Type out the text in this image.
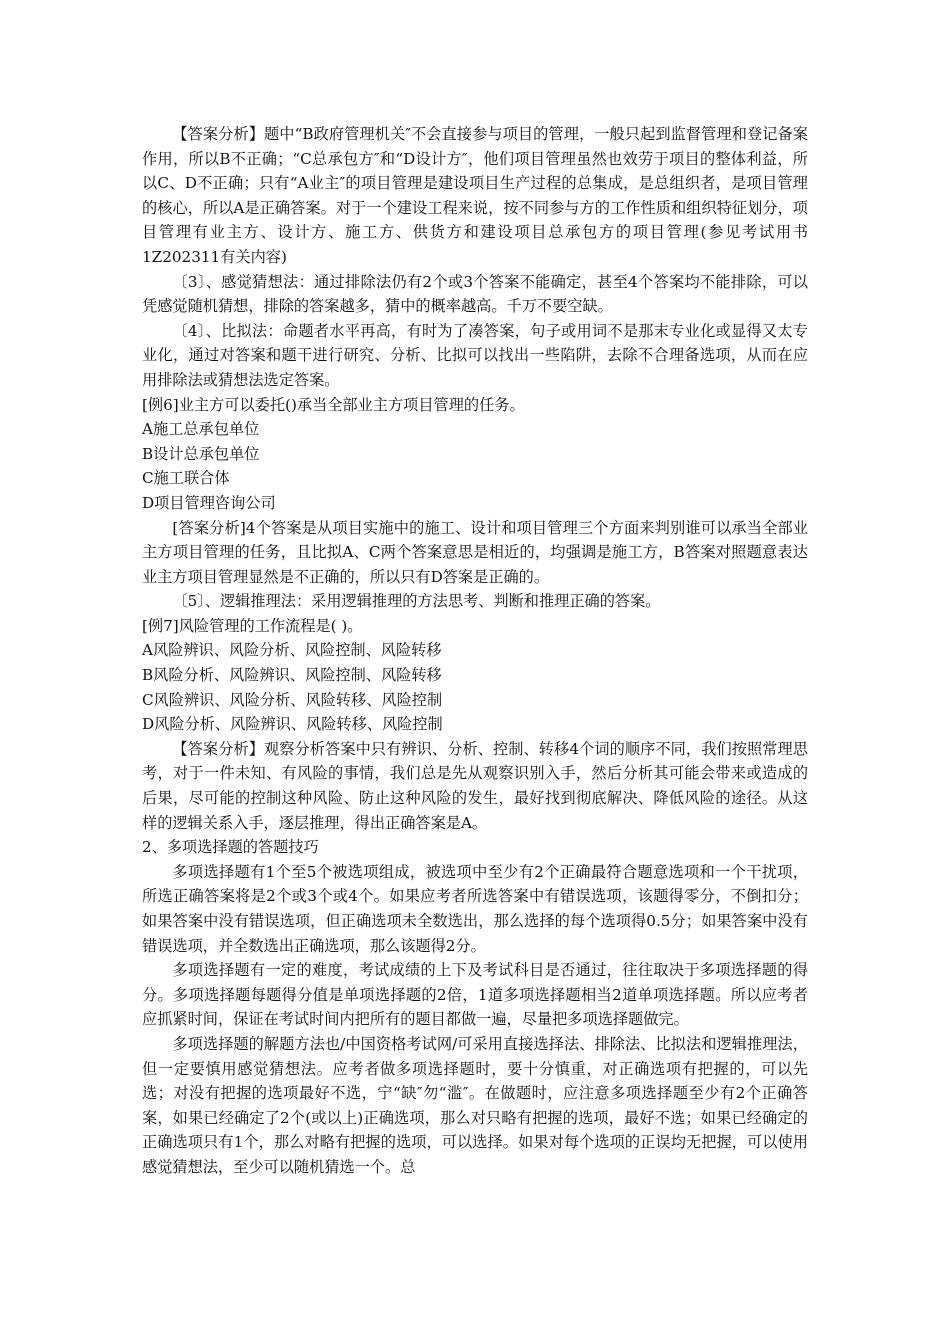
【答案分析】题中“B政府管理机关″不会直接参与项目的管理，一般只起到监督管理和登记备案作用，所以B不正确；“C总承包方″和“D设计方″，他们项目管理虽然也效劳于项目的整体利益，所以C、D不正确；只有“A业主″的项目管理是建设项目生产过程的总集成，是总组织者，是项目管理的核心，所以A是正确答案。对于一个建设工程来说，按不同参与方的工作性质和组织特征划分，项目管理有业主方、设计方、施工方、供货方和建设项目总承包方的项目管理(参见考试用书1Z202311有关内容)

〔3〕、感觉猜想法：通过排除法仍有2个或3个答案不能确定，甚至4个答案均不能排除，可以凭感觉随机猜想，排除的答案越多，猜中的概率越高。千万不要空缺。

〔4〕、比拟法：命题者水平再高，有时为了凑答案，句子或用词不是那末专业化或显得又太专业化，通过对答案和题干进行研究、分析、比拟可以找出一些陷阱，去除不合理备选项，从而在应用排除法或猜想法选定答案。

[例6]业主方可以委托()承当全部业主方项目管理的任务。

A施工总承包单位

B设计总承包单位

C施工联合体

D项目管理咨询公司

[答案分析]4个答案是从项目实施中的施工、设计和项目管理三个方面来判别谁可以承当全部业主方项目管理的任务，且比拟A、C两个答案意思是相近的，均强调是施工方，B答案对照题意表达业主方项目管理显然是不正确的，所以只有D答案是正确的。

〔5〕、逻辑推理法：采用逻辑推理的方法思考、判断和推理正确的答案。

[例7]风险管理的工作流程是( )。

A风险辨识、风险分析、风险控制、风险转移

B风险分析、风险辨识、风险控制、风险转移

C风险辨识、风险分析、风险转移、风险控制

D风险分析、风险辨识、风险转移、风险控制

【答案分析】观察分析答案中只有辨识、分析、控制、转移4个词的顺序不同，我们按照常理思考，对于一件未知、有风险的事情，我们总是先从观察识别入手，然后分析其可能会带来或造成的后果，尽可能的控制这种风险、防止这种风险的发生，最好找到彻底解决、降低风险的途径。从这样的逻辑关系入手，逐层推理，得出正确答案是A。

2、多项选择题的答题技巧

多项选择题有1个至5个被选项组成，被选项中至少有2个正确最符合题意选项和一个干扰项，所选正确答案将是2个或3个或4个。如果应考者所选答案中有错误选项，该题得零分，不倒扣分；如果答案中没有错误选项，但正确选项未全数选出，那么选择的每个选项得0.5分；如果答案中没有错误选项，并全数选出正确选项，那么该题得2分。

多项选择题有一定的难度，考试成绩的上下及考试科目是否通过，往往取决于多项选择题的得分。多项选择题每题得分值是单项选择题的2倍，1道多项选择题相当2道单项选择题。所以应考者应抓紧时间，保证在考试时间内把所有的题目都做一遍，尽量把多项选择题做完。

多项选择题的解题方法也/中国资格考试网/可采用直接选择法、排除法、比拟法和逻辑推理法，但一定要慎用感觉猜想法。应考者做多项选择题时，要十分慎重，对正确选项有把握的，可以先选；对没有把握的选项最好不选，宁“缺″勿“滥″。在做题时，应注意多项选择题至少有2个正确答案，如果已经确定了2个(或以上)正确选项，那么对只略有把握的选项，最好不选；如果已经确定的正确选项只有1个，那么对略有把握的选项，可以选择。如果对每个选项的正误均无把握，可以使用感觉猜想法，至少可以随机猜选一个。总
